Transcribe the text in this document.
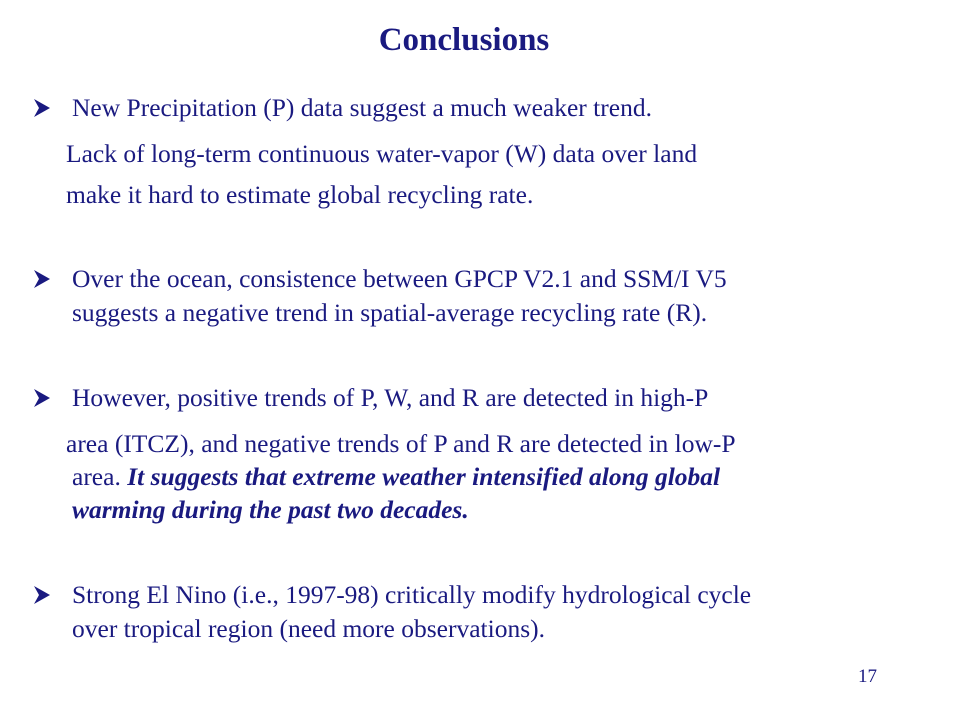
Conclusions
New Precipitation (P) data suggest a much weaker trend.
Lack of long-term continuous water-vapor (W) data over land
make it hard to estimate global recycling rate.
Over the ocean, consistence between GPCP V2.1 and SSM/I V5
suggests a negative trend in spatial-average recycling rate (R).
However, positive trends of P, W, and R are detected in high-P
area (ITCZ), and negative trends of P and R are detected in low-P
area. It suggests that extreme weather intensified along global
warming during the past two decades.
Strong El Nino (i.e., 1997-98) critically modify hydrological cycle
over tropical region (need more observations).
17
